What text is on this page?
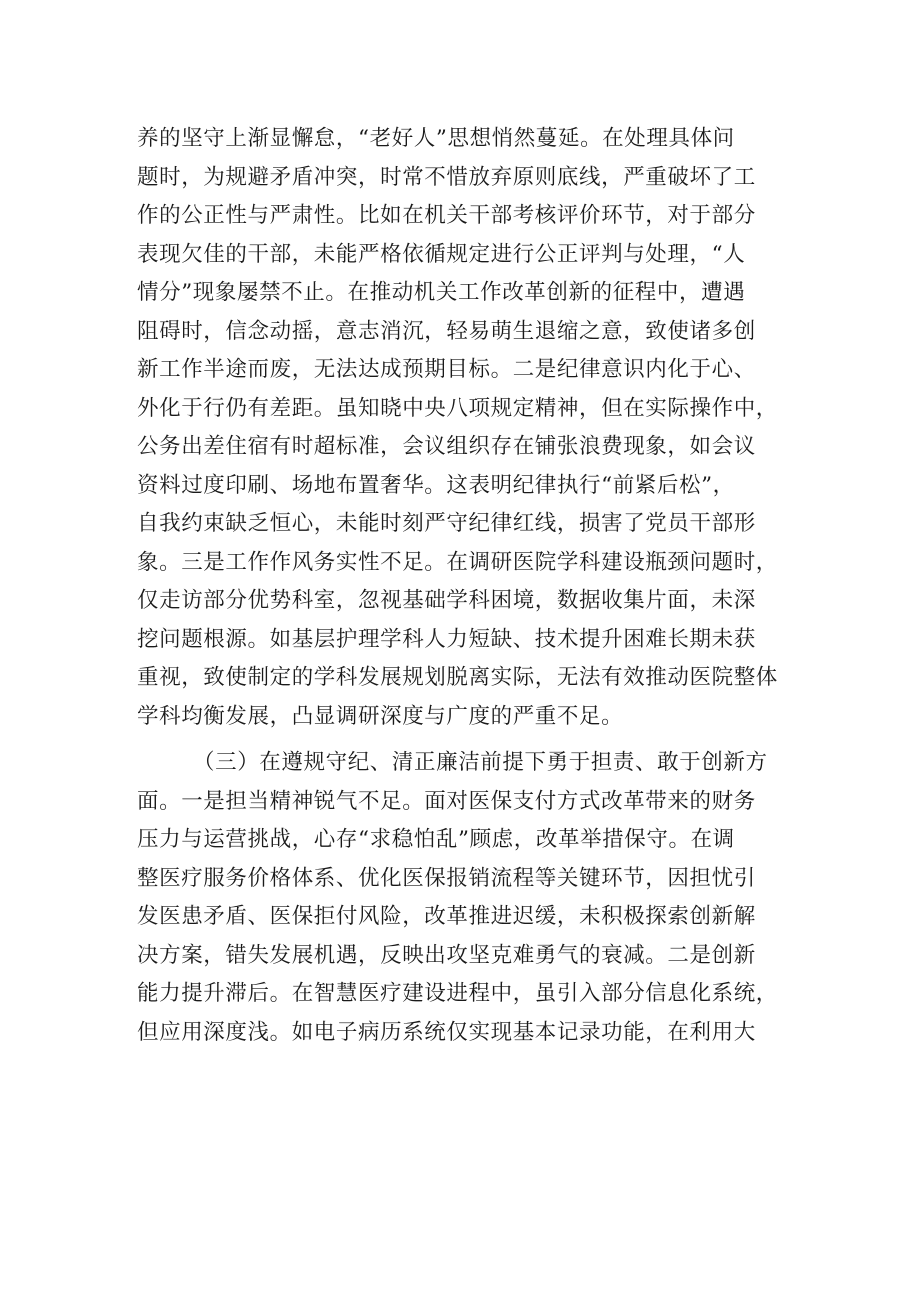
养的坚守上渐显懈怠，“老好人”思想悄然蔓延。在处理具体问
题时，为规避矛盾冲突，时常不惜放弃原则底线，严重破坏了工
作的公正性与严肃性。比如在机关干部考核评价环节，对于部分
表现欠佳的干部，未能严格依循规定进行公正评判与处理，“人
情分”现象屡禁不止。在推动机关工作改革创新的征程中，遭遇
阻碍时，信念动摇，意志消沉，轻易萌生退缩之意，致使诸多创
新工作半途而废，无法达成预期目标。二是纪律意识内化于心、
外化于行仍有差距。虽知晓中央八项规定精神，但在实际操作中，
公务出差住宿有时超标准，会议组织存在铺张浪费现象，如会议
资料过度印刷、场地布置奢华。这表明纪律执行“前紧后松”，
自我约束缺乏恒心，未能时刻严守纪律红线，损害了党员干部形
象。三是工作作风务实性不足。在调研医院学科建设瓶颈问题时，
仅走访部分优势科室，忽视基础学科困境，数据收集片面，未深
挖问题根源。如基层护理学科人力短缺、技术提升困难长期未获
重视，致使制定的学科发展规划脱离实际，无法有效推动医院整体
学科均衡发展，凸显调研深度与广度的严重不足。
（三）在遵规守纪、清正廉洁前提下勇于担责、敢于创新方
面。一是担当精神锐气不足。面对医保支付方式改革带来的财务
压力与运营挑战，心存“求稳怕乱”顾虑，改革举措保守。在调
整医疗服务价格体系、优化医保报销流程等关键环节，因担忧引
发医患矛盾、医保拒付风险，改革推进迟缓，未积极探索创新解
决方案，错失发展机遇，反映出攻坚克难勇气的衰减。二是创新
能力提升滞后。在智慧医疗建设进程中，虽引入部分信息化系统，
但应用深度浅。如电子病历系统仅实现基本记录功能，在利用大
